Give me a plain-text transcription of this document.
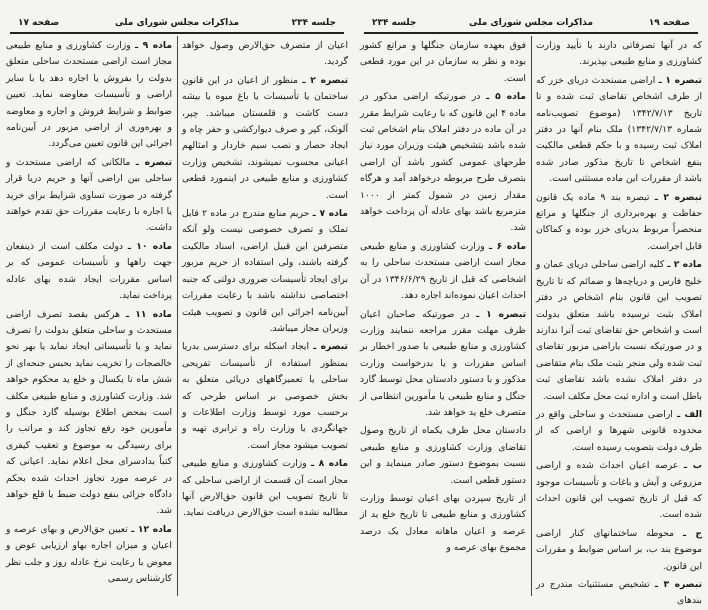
جلسه ۲۳۴
مذاکرات مجلس شورای ملی
صفحه ۱۷

اعیان از متصرف حق‌الارض وصول خواهد گردید.

تبصره ۲ ـ منظور از اعیان در این قانون ساختمان یا تأسیسات یا باغ میوه یا بیشه دست کاشت و قلمستان میباشد. چپر، آلونک، کپر و صرف دیوارکشی و حفر چاه و ایجاد حصار و نصب سیم خاردار و امثالهم اعیانی محسوب نمیشوند، تشخیص وزارت کشاورزی و منابع طبیعی در اینمورد قطعی است.

ماده ۷ ـ حریم منابع مندرج در ماده ۲ قابل تملک و تصرف خصوصی نیست ولو آنکه متصرفین این قبیل اراضی، اسناد مالکیت گرفته باشند، ولی استفاده از حریم مزبور برای ایجاد تأسیسات ضروری دولتی که جنبه اختصاصی نداشته باشد با رعایت مقررات آیین‌نامه اجرائی این قانون و تصویب هیئت وزیران مجاز میباشد.

تبصره ـ ایجاد اسکله برای دسترسی بدریا بمنظور استفاده از تأسیسات تفریحی ساحلی یا تعمیرگاههای دریائی متعلق به بخش خصوصی بر اساس طرحی که برحسب مورد توسط وزارت اطلاعات و جهانگردی یا وزارت راه و ترابری تهیه و تصویب میشود مجاز است.

ماده ۸ ـ وزارت کشاورزی و منابع طبیعی مجاز است آن قسمت از اراضی ساحلی که تا تاریخ تصویب این قانون حق‌الارض آنها مطالبه نشده است حق‌الارض دریافت نماید.

ماده ۹ ـ وزارت کشاورزی و منابع طبیعی مجاز است اراضی مستحدث ساحلی متعلق بدولت را بفروش یا اجاره دهد یا با سایر اراضی و تأسیسات معاوضه نماید. تعیین ضوابط و شرایط فروش و اجاره و معاوضه و بهره‌وری از اراضی مزبور در آیین‌نامه اجرائی این قانون تعیین می‌گردد.

تبصره ـ مالکانی که اراضی مستحدث و ساحلی بین اراضی آنها و حریم دریا قرار گرفته در صورت تساوی شرایط برای خرید یا اجاره با رعایت مقررات حق تقدم خواهند داشت.

ماده ۱۰ ـ دولت مکلف است از ذینفعان جهت راهها و تأسیسات عمومی که بر اساس مقررات ایجاد شده بهای عادله پرداخت نماید.

ماده ۱۱ ـ هرکس بقصد تصرف اراضی مستحدث و ساحلی متعلق بدولت را تصرف نماید و یا تأسیساتی ایجاد نماید یا بهر نحو خالصجات را تخریب نماید بحبس جنحه‌ای از شش ماه تا یکسال و خلع ید محکوم خواهد شد. وزارت کشاورزی و منابع طبیعی مکلف است بمحض اطلاع بوسیله گارد جنگل و مأمورین خود رفع تجاوز کند و مراتب را برای رسیدگی به موضوع و تعقیب کیفری کتباً بدادسرای محل اعلام نماید. اعیانی که در عرصه مورد تجاوز احداث شده بحکم دادگاه جزائی بنفع دولت ضبط یا قلع خواهد شد.

ماده ۱۲ ـ تعیین حق‌الارض و بهای عرصه و اعیان و میزان اجاره بهاو ارزیابی عوض و معوض با رعایت نرخ عادله روز و جلب نظر کارشناس رسمی

صفحه ۱۹
مذاکرات مجلس شورای ملی
جلسه ۲۳۴

که در آنها تصرفاتی دارند با تأیید وزارت کشاورزی و منابع طبیعی بپذیرند.

تبصره ۱ ـ اراضی مستحدث دریای خزر که از طرف اشخاص تقاضای ثبت شده و تا تاریخ ۱۳۴۲/۷/۱۳ (موضوع تصویب‌نامه شماره ۱۳۴۲/۷/۱۳) ملک بنام آنها در دفتر املاک ثبت رسیده و با حکم قطعی مالکیت بنفع اشخاص تا تاریخ مذکور صادر شده باشد از مقررات این ماده مستثنی است.

تبصره ۲ ـ تبصره بند ۹ ماده یک قانون حفاظت و بهره‌برداری از جنگلها و مراتع منحصراً مربوط بدریای خزر بوده و کماکان قابل اجراست.

ماده ۲ ـ کلیه اراضی ساحلی دریای عمان و خلیج فارس و دریاچه‌ها و ضمائم که تا تاریخ تصویب این قانون بنام اشخاص در دفتر املاک بثبت نرسیده باشد متعلق بدولت است و اشخاص حق تقاضای ثبت آنرا ندارند و در صورتیکه نسبت باراضی مزبور تقاضای ثبت شده ولی منجر بثبت ملک بنام متقاضی در دفتر املاک نشده باشد تقاضای ثبت باطل است و اداره ثبت محل مکلف است.

الف ـ اراضی مستحدث و ساحلی واقع در محدوده قانونی شهرها و اراضی که از طرف دولت بتصویب رسیده است.

ب ـ عرصه اعیان احداث شده و اراضی مزروعی و آیش و باغات و تأسیسات موجود که قبل از تاریخ تصویب این قانون احداث شده است.

ج ـ محوطه ساختمانهای کنار اراضی موضوع بند ب، بر اساس ضوابط و مقررات این قانون.

تبصره ۳ ـ تشخیص مستثنیات مندرج در بندهای

فوق بعهده سازمان جنگلها و مراتع کشور بوده و نظر به سازمان در این مورد قطعی است.

ماده ۵ ـ در صورتیکه اراضی مذکور در ماده ۴ این قانون که با رعایت شرایط مقرر در آن ماده در دفتر املاک بنام اشخاص ثبت شده باشد بتشخیص هیئت وزیران مورد نیاز طرحهای عمومی کشور باشد آن اراضی بتصرف طرح مربوطه درخواهد آمد و هرگاه مقدار زمین در شمول کمتر از ۱۰۰۰ مترمربع باشد بهای عادله آن پرداخت خواهد شد.

ماده ۶ ـ وزارت کشاورزی و منابع طبیعی مجاز است اراضی مستحدث ساحلی را به اشخاصی که قبل از تاریخ ۱۳۴۶/۶/۲۹ در آن احداث اعیان نموده‌اند اجاره دهد.

تبصره ۱ ـ در صورتیکه صاحبان اعیان ظرف مهلت مقرر مراجعه ننمایند وزارت کشاورزی و منابع طبیعی با صدور اخطار بر اساس مقررات و یا بدرخواست وزارت مذکور و با دستور دادستان محل توسط گارد جنگل و منابع طبیعی یا مأمورین انتظامی از متصرف خلع ید خواهد شد.

دادستان محل ظرف یکماه از تاریخ وصول تقاضای وزارت کشاورزی و منابع طبیعی نسبت بموضوع دستور صادر مینماید و این دستور قطعی است.

از تاریخ سپردن بهای اعیان توسط وزارت کشاورزی و منابع طبیعی تا تاریخ خلع ید از عرصه و اعیان ماهانه معادل یک درصد مجموع بهای عرصه و
